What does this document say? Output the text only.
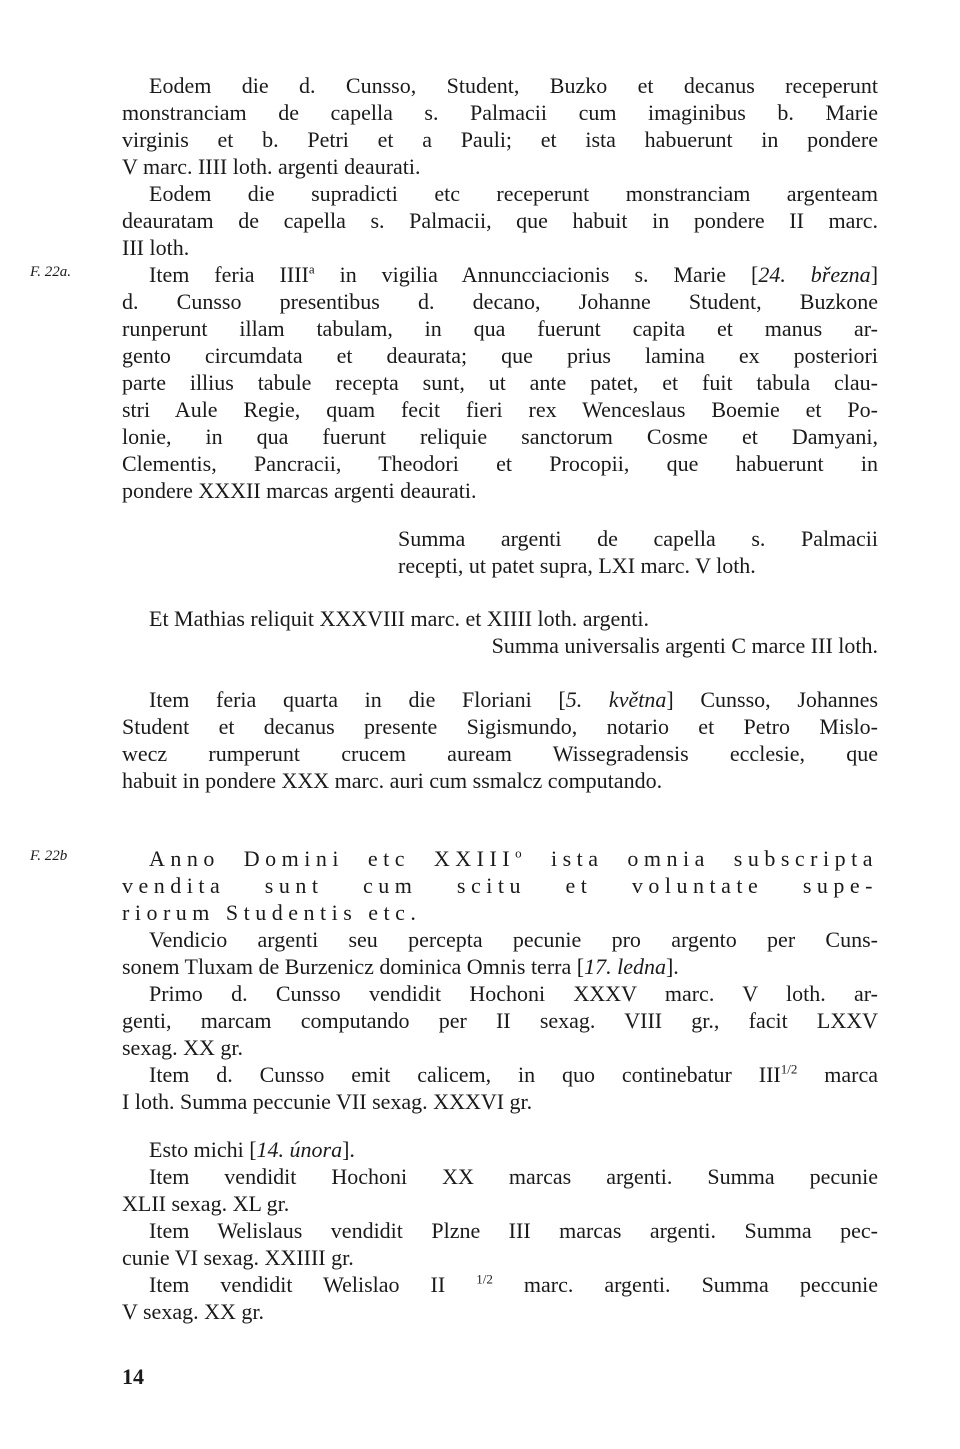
Eodem die d. Cunsso, Student, Buzko et decanus receperunt
monstranciam de capella s. Palmacii cum imaginibus b. Marie
virginis et b. Petri et a Pauli; et ista habuerunt in pondere
V marc. IIII loth. argenti deaurati.
Eodem die supradicti etc receperunt monstranciam argenteam
deauratam de capella s. Palmacii, que habuit in pondere II marc.
III loth.
F. 22a.	Item feria IIII$^a$ in vigilia Annuncciacionis s. Marie [24. března]
d. Cunsso presentibus d. decano, Johanne Student, Buzkone
runperunt illam tabulam, in qua fuerunt capita et manus ar-
gento circumdata et deaurata; que prius lamina ex posteriori
parte illius tabule recepta sunt, ut ante patet, et fuit tabula clau-
stri Aule Regie, quam fecit fieri rex Wenceslaus Boemie et Po-
lonie, in qua fuerunt reliquie sanctorum Cosme et Damyani,
Clementis, Pancracii, Theodori et Procopii, que habuerunt in
pondere XXXII marcas argenti deaurati.
Summa argenti de capella s. Palmacii
recepti, ut patet supra, LXI marc. V loth.
Et Mathias reliquit XXXVIII marc. et XIIII loth. argenti.
Summa universalis argenti C marce III loth.
Item feria quarta in die Floriani [5. května] Cunsso, Johannes
Student et decanus presente Sigismundo, notario et Petro Mislo-
wecz rumperunt crucem auream Wissegradensis ecclesie, que
habuit in pondere XXX marc. auri cum ssmalcz computando.
F. 22b	Anno Domini etc XXIII$^o$ ista omnia subscripta
vendita sunt cum scitu et voluntate supe-
riorum Studentis etc.
Vendicio argenti seu percepta pecunie pro argento per Cuns-
sonem Tluxam de Burzenicz dominica Omnis terra [17. ledna].
Primo d. Cunsso vendidit Hochoni XXXV marc. V loth. ar-
genti, marcam computando per II sexag. VIII gr., facit LXXV
sexag. XX gr.
Item d. Cunsso emit calicem, in quo continebatur $III^{1/2}$ marca
I loth. Summa peccunie VII sexag. XXXVI gr.
Esto michi [14. února].
Item vendidit Hochoni XX marcas argenti. Summa pecunie
XLII sexag. XL gr.
Item Welislaus vendidit Plzne III marcas argenti. Summa pec-
cunie VI sexag. XXIIII gr.
Item vendidit Welislao II $^{1/2}$ marc. argenti. Summa peccunie
V sexag. XX gr.
14
